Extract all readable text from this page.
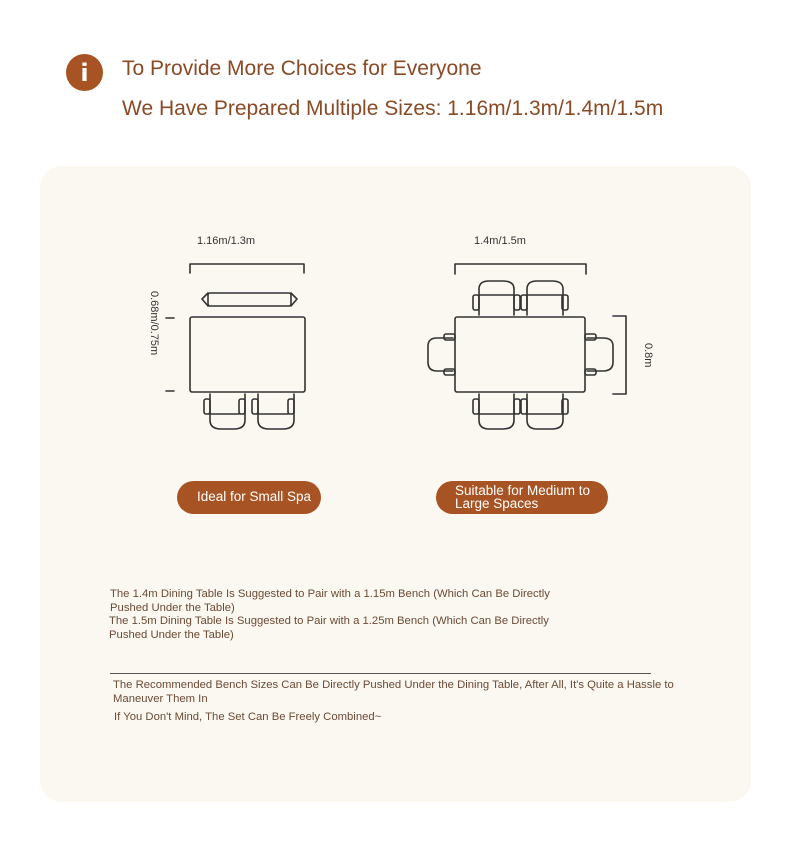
i	To Provide More Choices for Everyone
We Have Prepared Multiple Sizes: 1.16m/1.3m/1.4m/1.5m
1.16m/1.3m
0.68m/0.75m
1.4m/1.5m
0.8m
Ideal for Small Spa	Suitable for Medium to Large Spaces
The 1.4m Dining Table Is Suggested to Pair with a 1.15m Bench (Which Can Be Directly Pushed Under the Table)
The 1.5m Dining Table Is Suggested to Pair with a 1.25m Bench (Which Can Be Directly Pushed Under the Table)
The Recommended Bench Sizes Can Be Directly Pushed Under the Dining Table, After All, It's Quite a Hassle to Maneuver Them In
If You Don't Mind, The Set Can Be Freely Combined~
